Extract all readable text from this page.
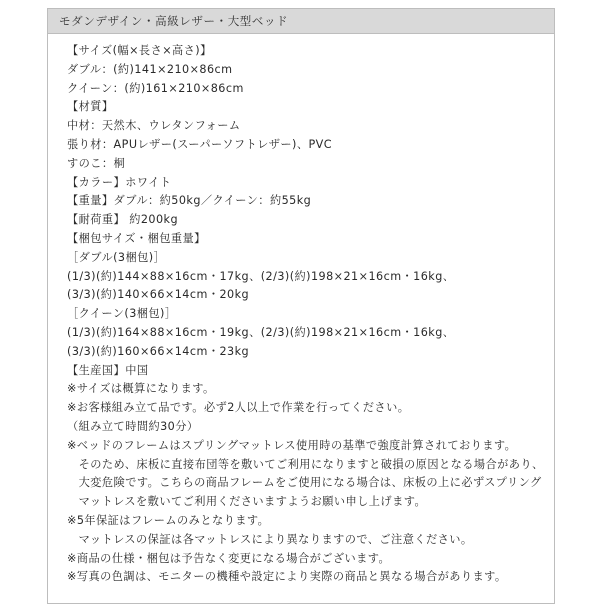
モダンデザイン・高級レザー・大型ベッド
【サイズ(幅×長さ×高さ)】
ダブル：(約)141×210×86cm
クイーン：(約)161×210×86cm
【材質】
中材：天然木、ウレタンフォーム
張り材：APUレザー(スーパーソフトレザー)、PVC
すのこ：桐
【カラー】ホワイト
【重量】ダブル：約50kg／クイーン：約55kg
【耐荷重】 約200kg
【梱包サイズ・梱包重量】
［ダブル(3梱包)］
(1/3)(約)144×88×16cm・17kg、(2/3)(約)198×21×16cm・16kg、
(3/3)(約)140×66×14cm・20kg
［クイーン(3梱包)］
(1/3)(約)164×88×16cm・19kg、(2/3)(約)198×21×16cm・16kg、
(3/3)(約)160×66×14cm・23kg
【生産国】中国
※サイズは概算になります。
※お客様組み立て品です。必ず2人以上で作業を行ってください。
（組み立て時間約30分）
※ベッドのフレームはスプリングマットレス使用時の基準で強度計算されております。
　そのため、床板に直接布団等を敷いてご利用になりますと破損の原因となる場合があり、
　大変危険です。こちらの商品フレームをご使用になる場合は、床板の上に必ずスプリング
　マットレスを敷いてご利用くださいますようお願い申し上げます。
※5年保証はフレームのみとなります。
　マットレスの保証は各マットレスにより異なりますので、ご注意ください。
※商品の仕様・梱包は予告なく変更になる場合がございます。
※写真の色調は、モニターの機種や設定により実際の商品と異なる場合があります。
